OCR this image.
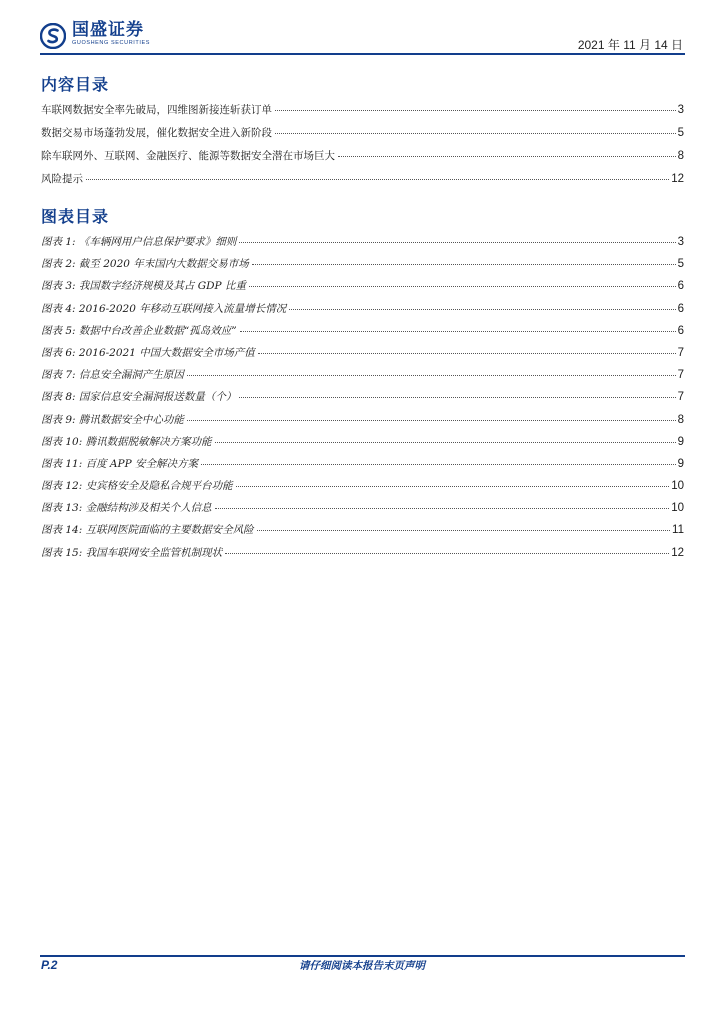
国盛证券
GUOSHENG SECURITIES	2021 年 11 月 14 日
内容目录
车联网数据安全率先破局，四维图新接连斩获订单	3
数据交易市场蓬勃发展，催化数据安全进入新阶段	5
除车联网外、互联网、金融医疗、能源等数据安全潜在市场巨大	8
风险提示	12
图表目录
图表 1: 《车辆网用户信息保护要求》细则	3
图表 2: 截至 2020 年末国内大数据交易市场	5
图表 3: 我国数字经济规模及其占 GDP 比重	6
图表 4: 2016-2020 年移动互联网接入流量增长情况	6
图表 5: 数据中台改善企业数据“孤岛效应”	6
图表 6: 2016-2021 中国大数据安全市场产值	7
图表 7: 信息安全漏洞产生原因	7
图表 8: 国家信息安全漏洞报送数量（个）	7
图表 9: 腾讯数据安全中心功能	8
图表 10: 腾讯数据脱敏解决方案功能	9
图表 11: 百度 APP 安全解决方案	9
图表 12: 史宾格安全及隐私合规平台功能	10
图表 13: 金融结构涉及相关个人信息	10
图表 14: 互联网医院面临的主要数据安全风险	11
图表 15: 我国车联网安全监管机制现状	12
P.2	请仔细阅读本报告末页声明
